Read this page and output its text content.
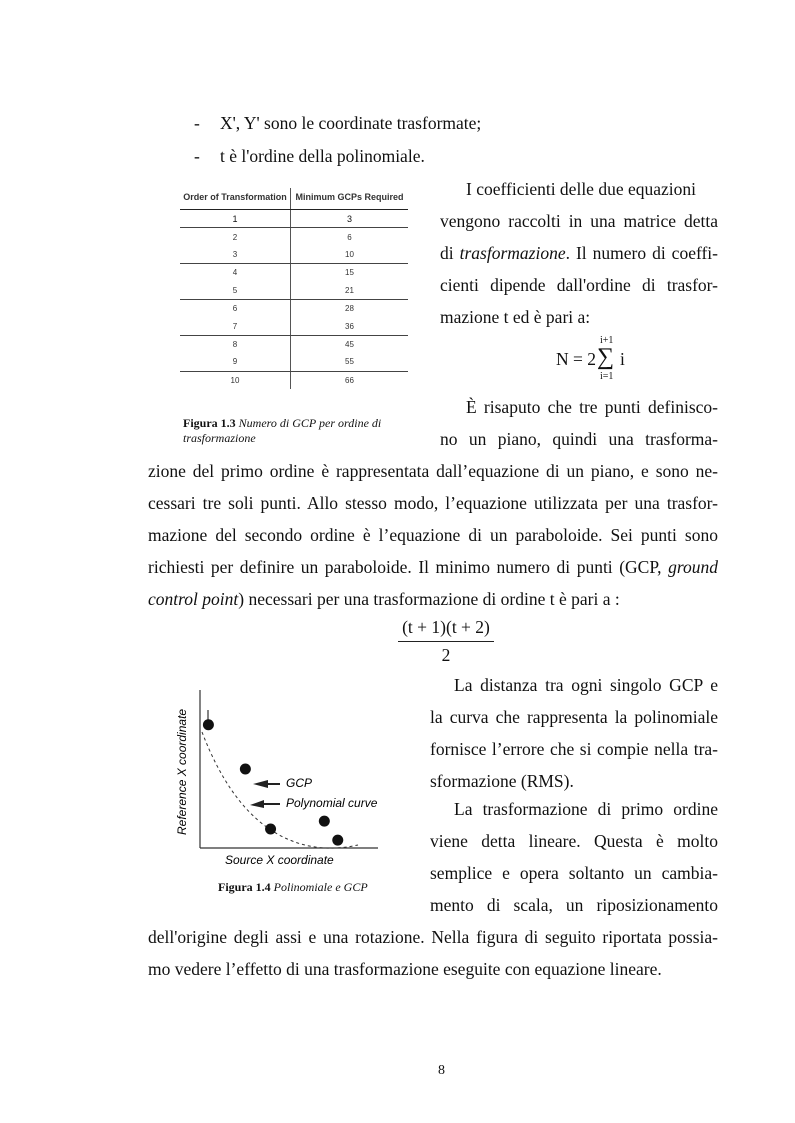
- X', Y' sono le coordinate trasformate;
- t è l'ordine della polinomiale.
Order of Transformation	Minimum GCPs Required
1	3
2	6
3	10
4	15
5	21
6	28
7	36
8	45
9	55
10	66
Figura 1.3 Numero di GCP per ordine di trasformazione
I coefficienti delle due equazioni
vengono raccolti in una matrice detta
di trasformazione. Il numero di coeffi-
cienti dipende dall'ordine di trasfor-
mazione t ed è pari a:
N = 2
i+1
∑
i=1
i
È risaputo che tre punti definisco-
no un piano, quindi una trasforma-
zione del primo ordine è rappresentata dall’equazione di un piano, e sono ne-
cessari tre soli punti. Allo stesso modo, l’equazione utilizzata per una trasfor-
mazione del secondo ordine è l’equazione di un paraboloide. Sei punti sono
richiesti per definire un paraboloide. Il minimo numero di punti (GCP, ground
control point) necessari per una trasformazione di ordine t è pari a :
(t + 1)(t + 2)
2
GCP
Polynomial curve
Source X coordinate
Reference X coordinate
Figura 1.4 Polinomiale e GCP
La distanza tra ogni singolo GCP e
la curva che rappresenta la polinomiale
fornisce l’errore che si compie nella tra-
sformazione (RMS).
La trasformazione di primo ordine
viene detta lineare. Questa è molto
semplice e opera soltanto un cambia-
mento di scala, un riposizionamento
dell'origine degli assi e una rotazione. Nella figura di seguito riportata possia-
mo vedere l’effetto di una trasformazione eseguite con equazione lineare.
8
